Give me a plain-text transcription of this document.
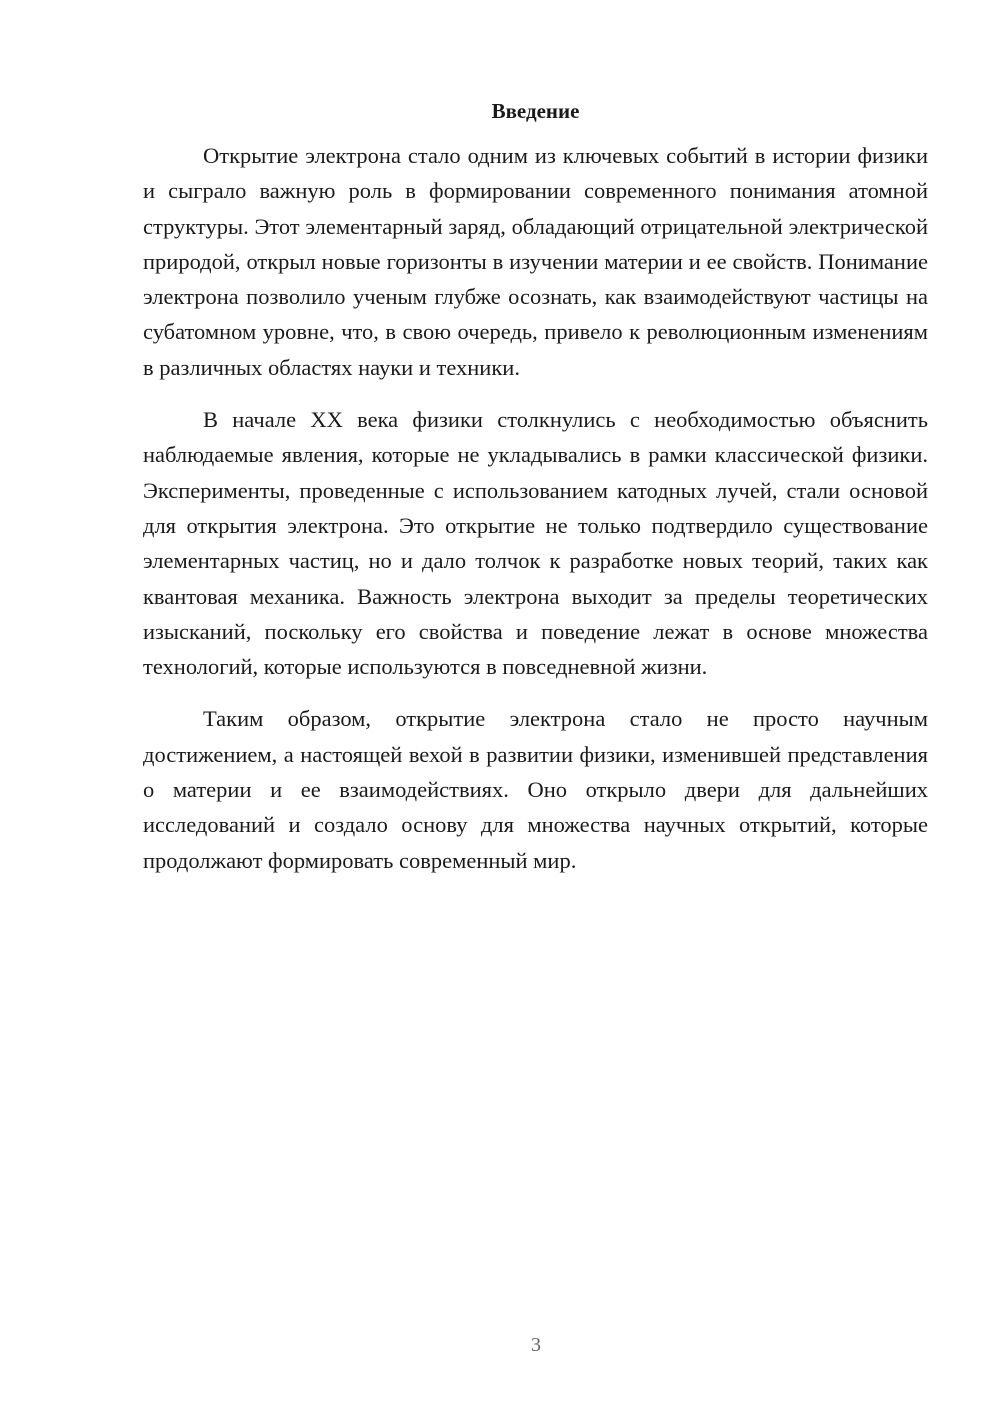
Введение

Открытие электрона стало одним из ключевых событий в истории физики и сыграло важную роль в формировании современного понимания атомной структуры. Этот элементарный заряд, обладающий отрицательной электрической природой, открыл новые горизонты в изучении материи и ее свойств. Понимание электрона позволило ученым глубже осознать, как взаимодействуют частицы на субатомном уровне, что, в свою очередь, привело к революционным изменениям в различных областях науки и техники.

В начале XX века физики столкнулись с необходимостью объяснить наблюдаемые явления, которые не укладывались в рамки классической физики. Эксперименты, проведенные с использованием катодных лучей, стали основой для открытия электрона. Это открытие не только подтвердило существование элементарных частиц, но и дало толчок к разработке новых теорий, таких как квантовая механика. Важность электрона выходит за пределы теоретических изысканий, поскольку его свойства и поведение лежат в основе множества технологий, которые используются в повседневной жизни.

Таким образом, открытие электрона стало не просто научным достижением, а настоящей вехой в развитии физики, изменившей представления о материи и ее взаимодействиях. Оно открыло двери для дальнейших исследований и создало основу для множества научных открытий, которые продолжают формировать современный мир.

3
